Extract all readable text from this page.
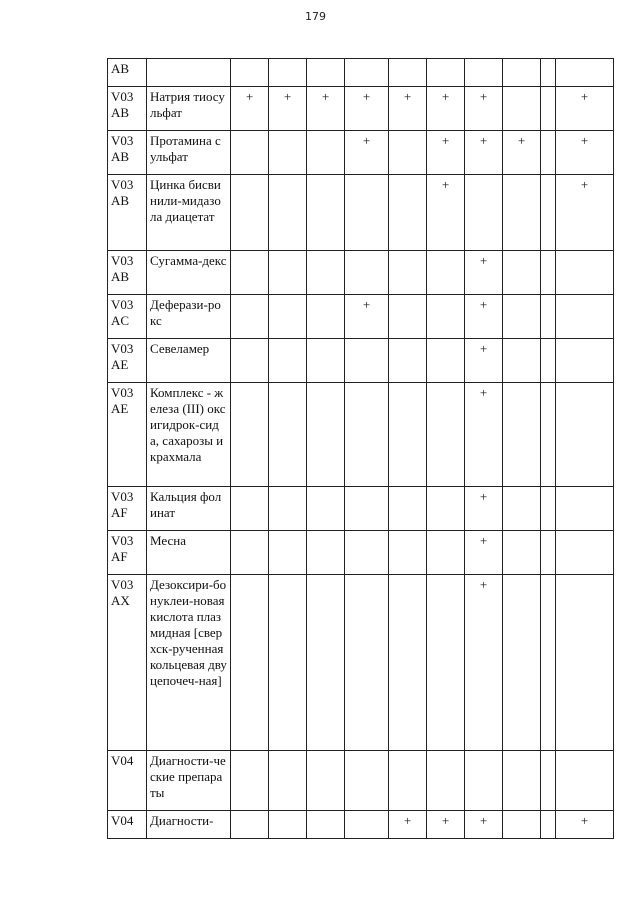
179
AB											
V03 AB	Натрия тиосульфат	+	+	+	+	+	+	+			+
V03 AB	Протамина сульфат				+		+	+	+		+
V03 AB	Цинка бисвинили-мидазола диацетат						+				+
V03 AB	Сугамма-декс							+			
V03 AC	Деферази-рокс				+			+			
V03 AE	Севеламер							+			
V03 AE	Комплекс - железа (III) оксигидрок-сида, сахарозы и крахмала							+			
V03 AF	Кальция фолинат							+			
V03 AF	Месна							+			
V03 AX	Дезоксири-бонуклеи-новая кислота плазмидная [сверхск-рученная кольцевая двуцепочеч-ная]							+			
V04	Диагности-ческие препараты										
V04	Диагности-					+	+	+			+
